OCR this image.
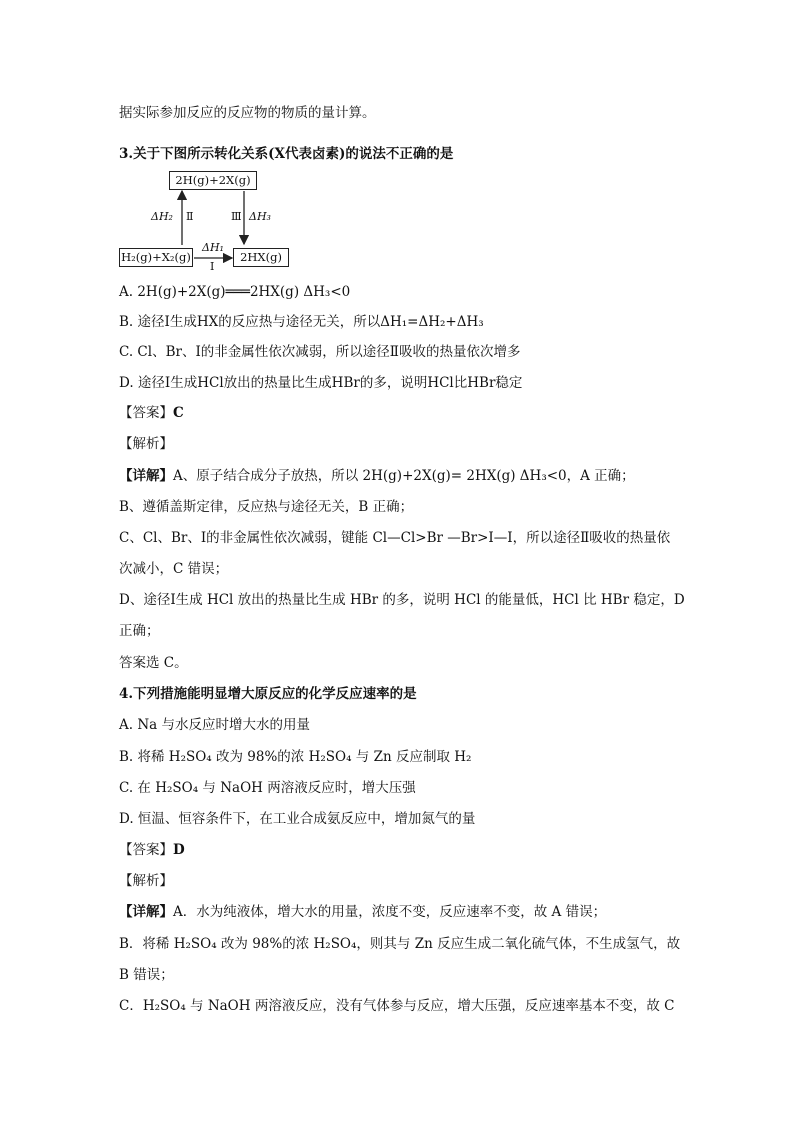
据实际参加反应的反应物的物质的量计算。
3.关于下图所示转化关系(X代表卤素)的说法不正确的是
2H(g)+2X(g)
H₂(g)+X₂(g)	2HX(g)
ΔH₂ Ⅱ	Ⅲ ΔH₃
ΔH₁
Ⅰ
A. 2H(g)+2X(g)═══2HX(g) ΔH₃<0
B. 途径Ⅰ生成HX的反应热与途径无关，所以ΔH₁=ΔH₂+ΔH₃
C. Cl、Br、I的非金属性依次减弱，所以途径Ⅱ吸收的热量依次增多
D. 途径Ⅰ生成HCl放出的热量比生成HBr的多，说明HCl比HBr稳定
【答案】C
【解析】
【详解】A、原子结合成分子放热，所以 2H(g)+2X(g)= 2HX(g) ΔH₃<0，A 正确；
B、遵循盖斯定律，反应热与途径无关，B 正确；
C、Cl、Br、I的非金属性依次减弱，键能 Cl—Cl>Br —Br>I—I，所以途径Ⅱ吸收的热量依
次减小，C 错误；
D、途径Ⅰ生成 HCl 放出的热量比生成 HBr 的多，说明 HCl 的能量低，HCl 比 HBr 稳定，D
正确；
答案选 C。
4.下列措施能明显增大原反应的化学反应速率的是
A. Na 与水反应时增大水的用量
B. 将稀 H₂SO₄ 改为 98%的浓 H₂SO₄ 与 Zn 反应制取 H₂
C. 在 H₂SO₄ 与 NaOH 两溶液反应时，增大压强
D. 恒温、恒容条件下，在工业合成氨反应中，增加氮气的量
【答案】D
【解析】
【详解】A．水为纯液体，增大水的用量，浓度不变，反应速率不变，故 A 错误；
B．将稀 H₂SO₄ 改为 98%的浓 H₂SO₄，则其与 Zn 反应生成二氧化硫气体，不生成氢气，故
B 错误；
C．H₂SO₄ 与 NaOH 两溶液反应，没有气体参与反应，增大压强，反应速率基本不变，故 C
